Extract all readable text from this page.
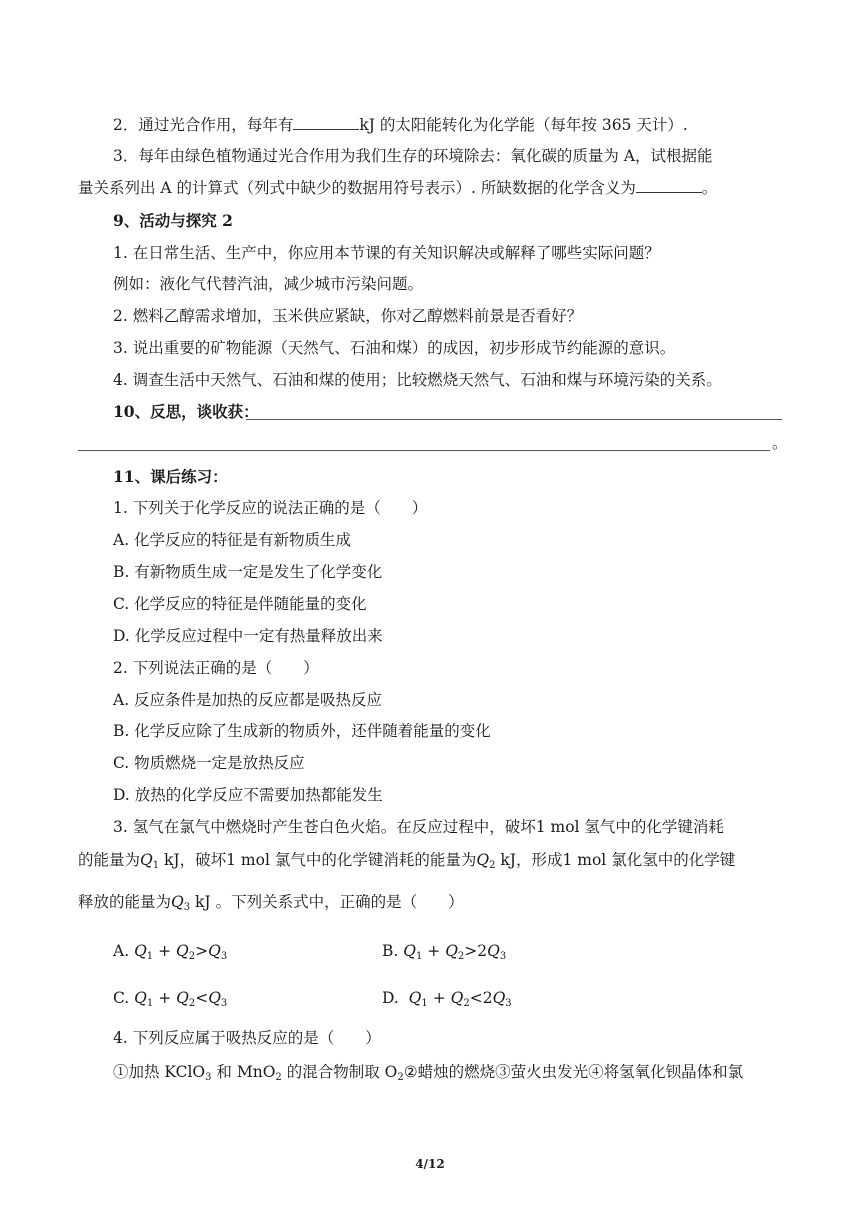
2．通过光合作用，每年有	kJ 的太阳能转化为化学能（每年按 365 天计）.
3．每年由绿色植物通过光合作用为我们生存的环境除去：氧化碳的质量为 A，试根据能
量关系列出 A 的计算式（列式中缺少的数据用符号表示）. 所缺数据的化学含义为	。
9、活动与探究 2
1. 在日常生活、生产中，你应用本节课的有关知识解决或解释了哪些实际问题？
例如：液化气代替汽油，减少城市污染问题。
2. 燃料乙醇需求增加，玉米供应紧缺，你对乙醇燃料前景是否看好？
3. 说出重要的矿物能源（天然气、石油和煤）的成因，初步形成节约能源的意识。
4. 调查生活中天然气、石油和煤的使用；比较燃烧天然气、石油和煤与环境污染的关系。
10、反思，谈收获：
。
11、课后练习：
1. 下列关于化学反应的说法正确的是（　　）
A. 化学反应的特征是有新物质生成
B. 有新物质生成一定是发生了化学变化
C. 化学反应的特征是伴随能量的变化
D. 化学反应过程中一定有热量释放出来
2. 下列说法正确的是（　　）
A. 反应条件是加热的反应都是吸热反应
B. 化学反应除了生成新的物质外，还伴随着能量的变化
C. 物质燃烧一定是放热反应
D. 放热的化学反应不需要加热都能发生
3. 氢气在氯气中燃烧时产生苍白色火焰。在反应过程中，破坏1 mol 氢气中的化学键消耗
的能量为$Q_1$ kJ，破坏1 mol 氯气中的化学键消耗的能量为$Q_2$ kJ，形成1 mol 氯化氢中的化学键
释放的能量为$Q_3$ kJ 。下列关系式中，正确的是（　　）
A. $Q_1 + Q_2>Q_3$	B. $Q_1 + Q_2>2Q_3$
C. $Q_1 + Q_2<Q_3$	D. $Q_1 + Q_2<2Q_3$
4. 下列反应属于吸热反应的是（　　）
①加热 KClO$_3$ 和 MnO$_2$ 的混合物制取 $O_2②$蜡烛的燃烧③萤火虫发光④将氢氧化钡晶体和氯
4/12
